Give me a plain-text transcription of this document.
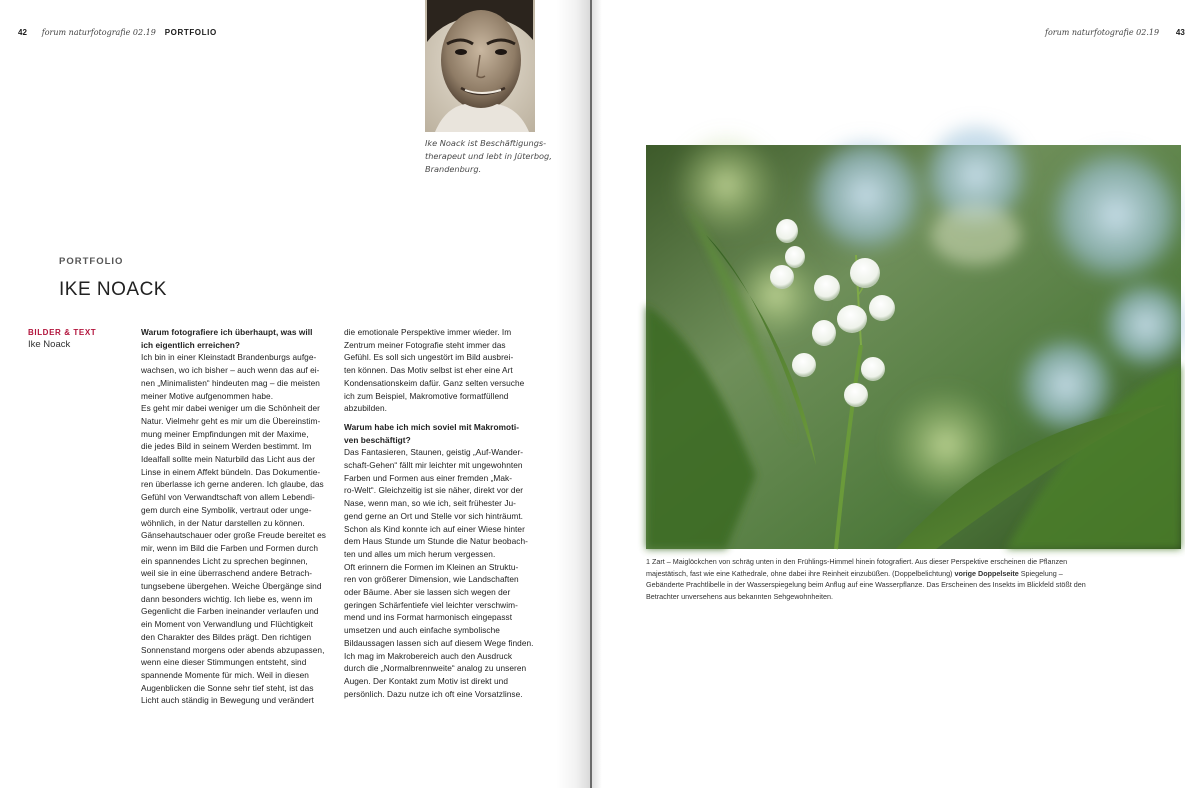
42 forum naturfotografie 02.19 PORTFOLIO
Ike Noack ist Beschäftigungs-
therapeut und lebt in Jüterbog,
Brandenburg.
PORTFOLIO
IKE NOACK
BILDER & TEXT
Ike Noack

Warum fotografiere ich überhaupt, was will
ich eigentlich erreichen?

Ich bin in einer Kleinstadt Brandenburgs aufge-
wachsen, wo ich bisher – auch wenn das auf ei-
nen „Minimalisten“ hindeuten mag – die meisten
meiner Motive aufgenommen habe.

Es geht mir dabei weniger um die Schönheit der
Natur. Vielmehr geht es mir um die Übereinstim-
mung meiner Empfindungen mit der Maxime,
die jedes Bild in seinem Werden bestimmt. Im
Idealfall sollte mein Naturbild das Licht aus der
Linse in einem Affekt bündeln. Das Dokumentie-
ren überlasse ich gerne anderen. Ich glaube, das
Gefühl von Verwandtschaft von allem Lebendi-
gem durch eine Symbolik, vertraut oder unge-
wöhnlich, in der Natur darstellen zu können.
Gänsehautschauer oder große Freude bereitet es
mir, wenn im Bild die Farben und Formen durch
ein spannendes Licht zu sprechen beginnen,
weil sie in eine überraschend andere Betrach-
tungsebene übergehen. Weiche Übergänge sind
dann besonders wichtig. Ich liebe es, wenn im
Gegenlicht die Farben ineinander verlaufen und
ein Moment von Verwandlung und Flüchtigkeit
den Charakter des Bildes prägt. Den richtigen
Sonnenstand morgens oder abends abzupassen,
wenn eine dieser Stimmungen entsteht, sind
spannende Momente für mich. Weil in diesen
Augenblicken die Sonne sehr tief steht, ist das
Licht auch ständig in Bewegung und verändert

die emotionale Perspektive immer wieder. Im
Zentrum meiner Fotografie steht immer das
Gefühl. Es soll sich ungestört im Bild ausbrei-
ten können. Das Motiv selbst ist eher eine Art
Kondensationskeim dafür. Ganz selten versuche
ich zum Beispiel, Makromotive formatfüllend
abzubilden.

Warum habe ich mich soviel mit Makromoti-
ven beschäftigt?

Das Fantasieren, Staunen, geistig „Auf-Wander-
schaft-Gehen“ fällt mir leichter mit ungewohnten
Farben und Formen aus einer fremden „Mak-
ro-Welt“. Gleichzeitig ist sie näher, direkt vor der
Nase, wenn man, so wie ich, seit frühester Ju-
gend gerne an Ort und Stelle vor sich hinträumt.
Schon als Kind konnte ich auf einer Wiese hinter
dem Haus Stunde um Stunde die Natur beobach-
ten und alles um mich herum vergessen.

Oft erinnern die Formen im Kleinen an Struktu-
ren von größerer Dimension, wie Landschaften
oder Bäume. Aber sie lassen sich wegen der
geringen Schärfentiefe viel leichter verschwim-
mend und ins Format harmonisch eingepasst
umsetzen und auch einfache symbolische
Bildaussagen lassen sich auf diesem Wege finden.
Ich mag im Makrobereich auch den Ausdruck
durch die „Normalbrennweite“ analog zu unseren
Augen. Der Kontakt zum Motiv ist direkt und
persönlich. Dazu nutze ich oft eine Vorsatzlinse.

forum naturfotografie 02.19 43
1 Zart – Maiglöckchen von schräg unten in den Frühlings-Himmel hinein fotografiert. Aus dieser Perspektive erscheinen die Pflanzen
majestätisch, fast wie eine Kathedrale, ohne dabei ihre Reinheit einzubüßen. (Doppelbelichtung) vorige Doppelseite Spiegelung –
Gebänderte Prachtlibelle in der Wasserspiegelung beim Anflug auf eine Wasserpflanze. Das Erscheinen des Insekts im Blickfeld stößt den
Betrachter unversehens aus bekannten Sehgewohnheiten.
